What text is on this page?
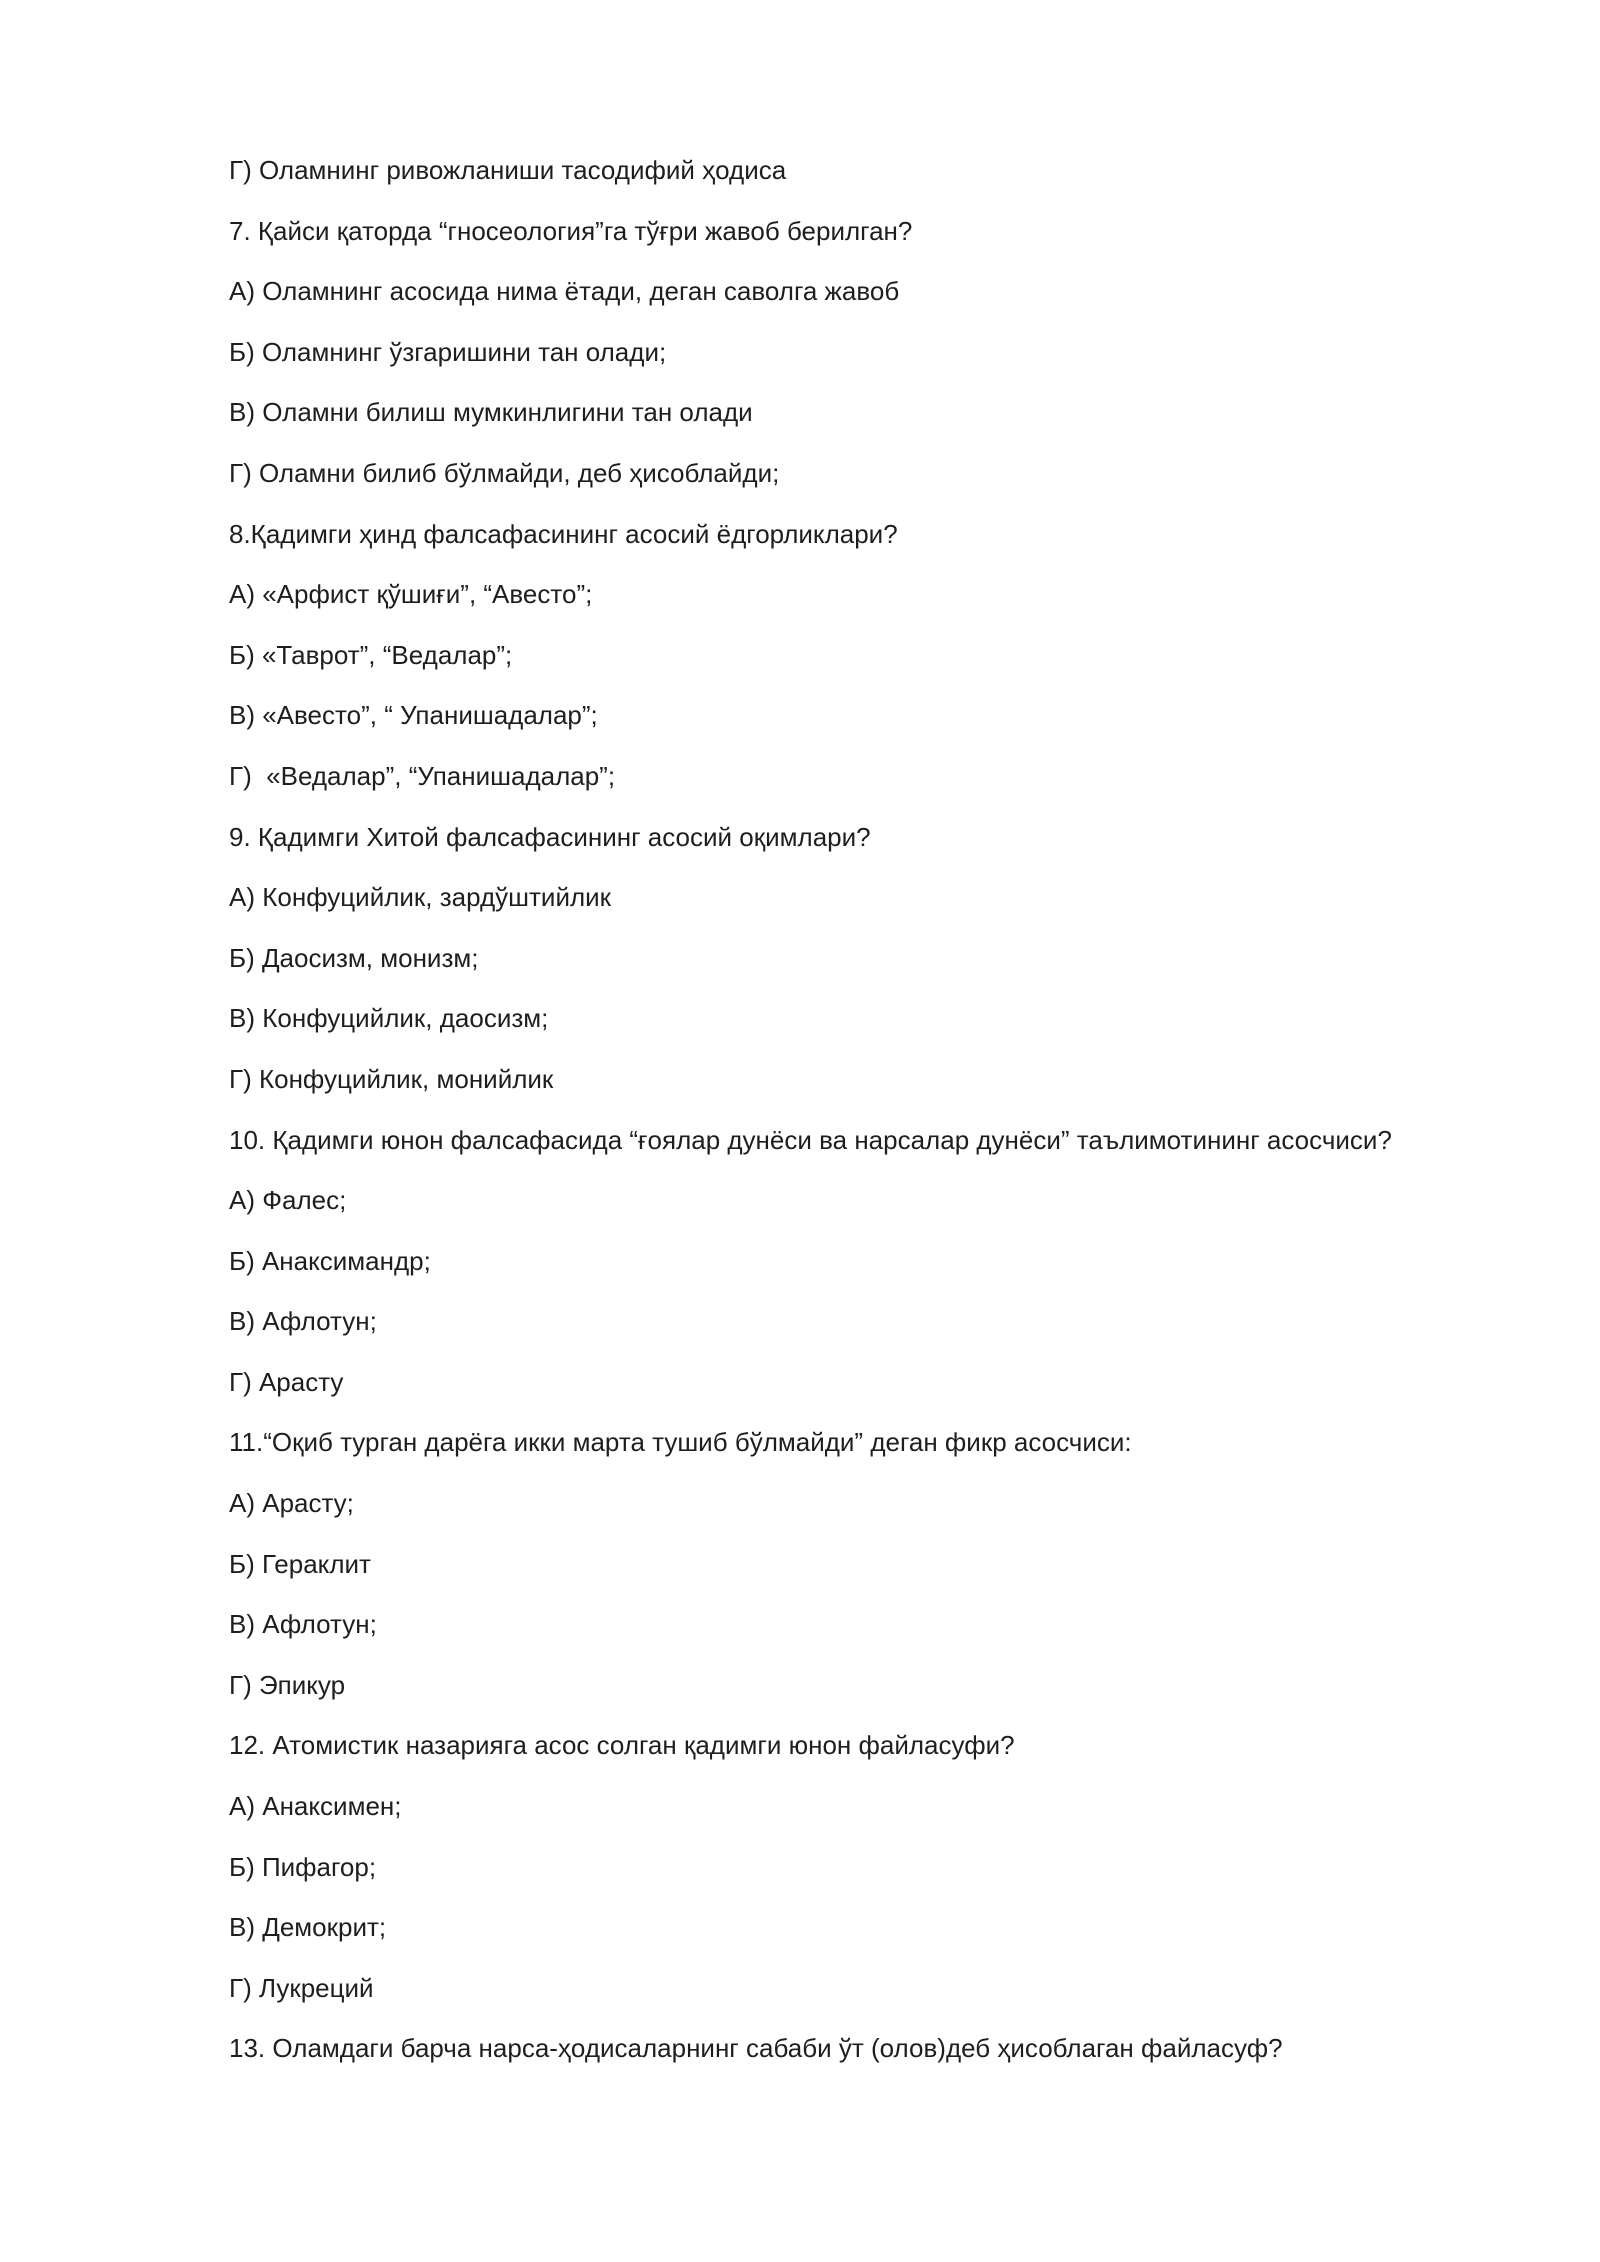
Г) Оламнинг ривожланиши тасодифий ҳодиса
7. Қайси қаторда “гносеология”га тўғри жавоб берилган?
А) Оламнинг асосида нима ётади, деган саволга жавоб
Б) Оламнинг ўзгаришини тан олади;
В) Оламни билиш мумкинлигини тан олади
Г) Оламни билиб бўлмайди, деб ҳисоблайди;
8.Қадимги ҳинд фалсафасининг асосий ёдгорликлари?
А) «Арфист қўшиғи”, “Авесто”;
Б) «Таврот”, “Ведалар”;
В) «Авесто”, “ Упанишадалар”;
Г)  «Ведалар”, “Упанишадалар”;
9. Қадимги Хитой фалсафасининг асосий оқимлари?
А) Конфуцийлик, зардўштийлик
Б) Даосизм, монизм;
В) Конфуцийлик, даосизм;
Г) Конфуцийлик, монийлик
10. Қадимги юнон фалсафасида “ғоялар дунёси ва нарсалар дунёси” таълимотининг асосчиси?
А) Фалес;
Б) Анаксимандр;
В) Афлотун;
Г) Арасту
11.“Оқиб турган дарёга икки марта тушиб бўлмайди” деган фикр асосчиси:
А) Арасту;
Б) Гераклит
В) Афлотун;
Г) Эпикур
12. Атомистик назарияга асос солган қадимги юнон файласуфи?
А) Анаксимен;
Б) Пифагор;
В) Демокрит;
Г) Лукреций
13. Оламдаги барча нарса-ҳодисаларнинг сабаби ўт (олов)деб ҳисоблаган файласуф?
